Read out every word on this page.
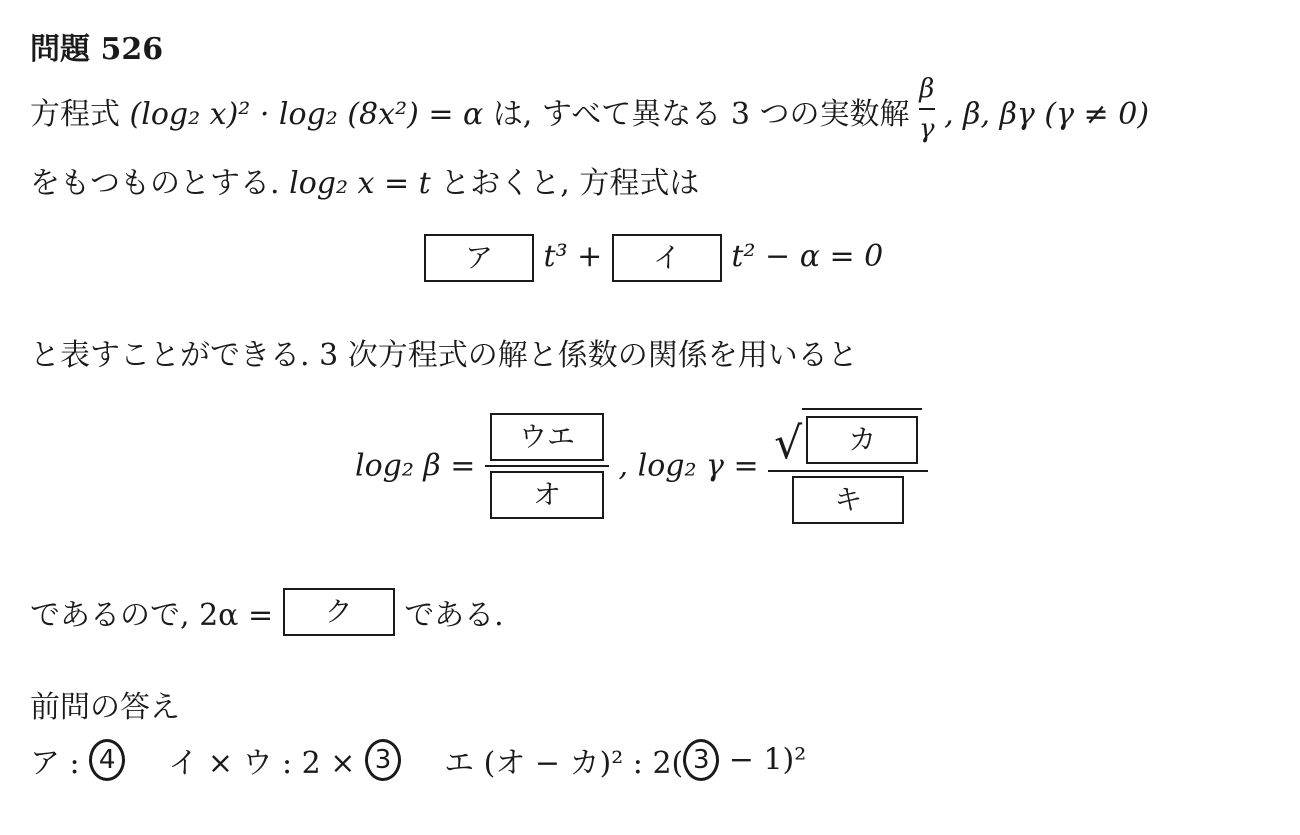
問題 526
方程式 (log₂ x)² · log₂ (8x²) = α は, すべて異なる 3 つの実数解 $\frac{\beta}{\gamma}$ , β, βγ (γ ≠ 0)
をもつものとする. log₂ x = t とおくと, 方程式は
ア t³ + イ t² − α = 0
と表すことができる. 3 次方程式の解と係数の関係を用いると
log₂ $\beta = \frac{\text{ウエ}}{\text{オ}}$ , log₂ γ = √	カ
キ
であるので, 2α = ク である.
前問の答え
ア : 4 イ × ウ : 2 × 3 エ (オ − カ)² : 2( 3 − 1)²
